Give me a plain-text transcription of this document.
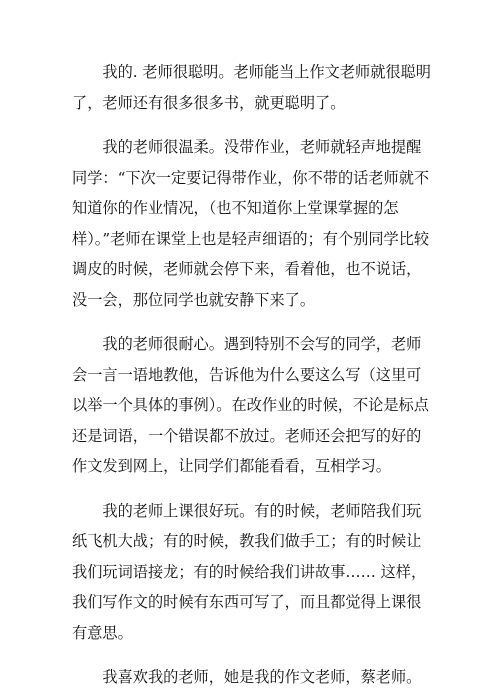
我的. 老师很聪明。老师能当上作文老师就很聪明了，老师还有很多很多书，就更聪明了。

我的老师很温柔。没带作业，老师就轻声地提醒同学：“下次一定要记得带作业，你不带的话老师就不知道你的作业情况，（也不知道你上堂课掌握的怎 样）。”老师在课堂上也是轻声细语的；有个别同学比较调皮的时候，老师就会停下来，看着他，也不说话， 没一会，那位同学也就安静下来了。

我的老师很耐心。遇到特别不会写的同学，老师会一言一语地教他，告诉他为什么要这么写（这里可以举一个具体的事例）。在改作业的时候，不论是标点还是词语，一个错误都不放过。老师还会把写的好的作文发到网上，让同学们都能看看，互相学习。

我的老师上课很好玩。有的时候，老师陪我们玩纸飞机大战；有的时候，教我们做手工；有的时候让我们玩词语接龙；有的时候给我们讲故事…… 这样，我们写作文的时候有东西可写了，而且都觉得上课很有意思。

我喜欢我的老师，她是我的作文老师，蔡老师。
